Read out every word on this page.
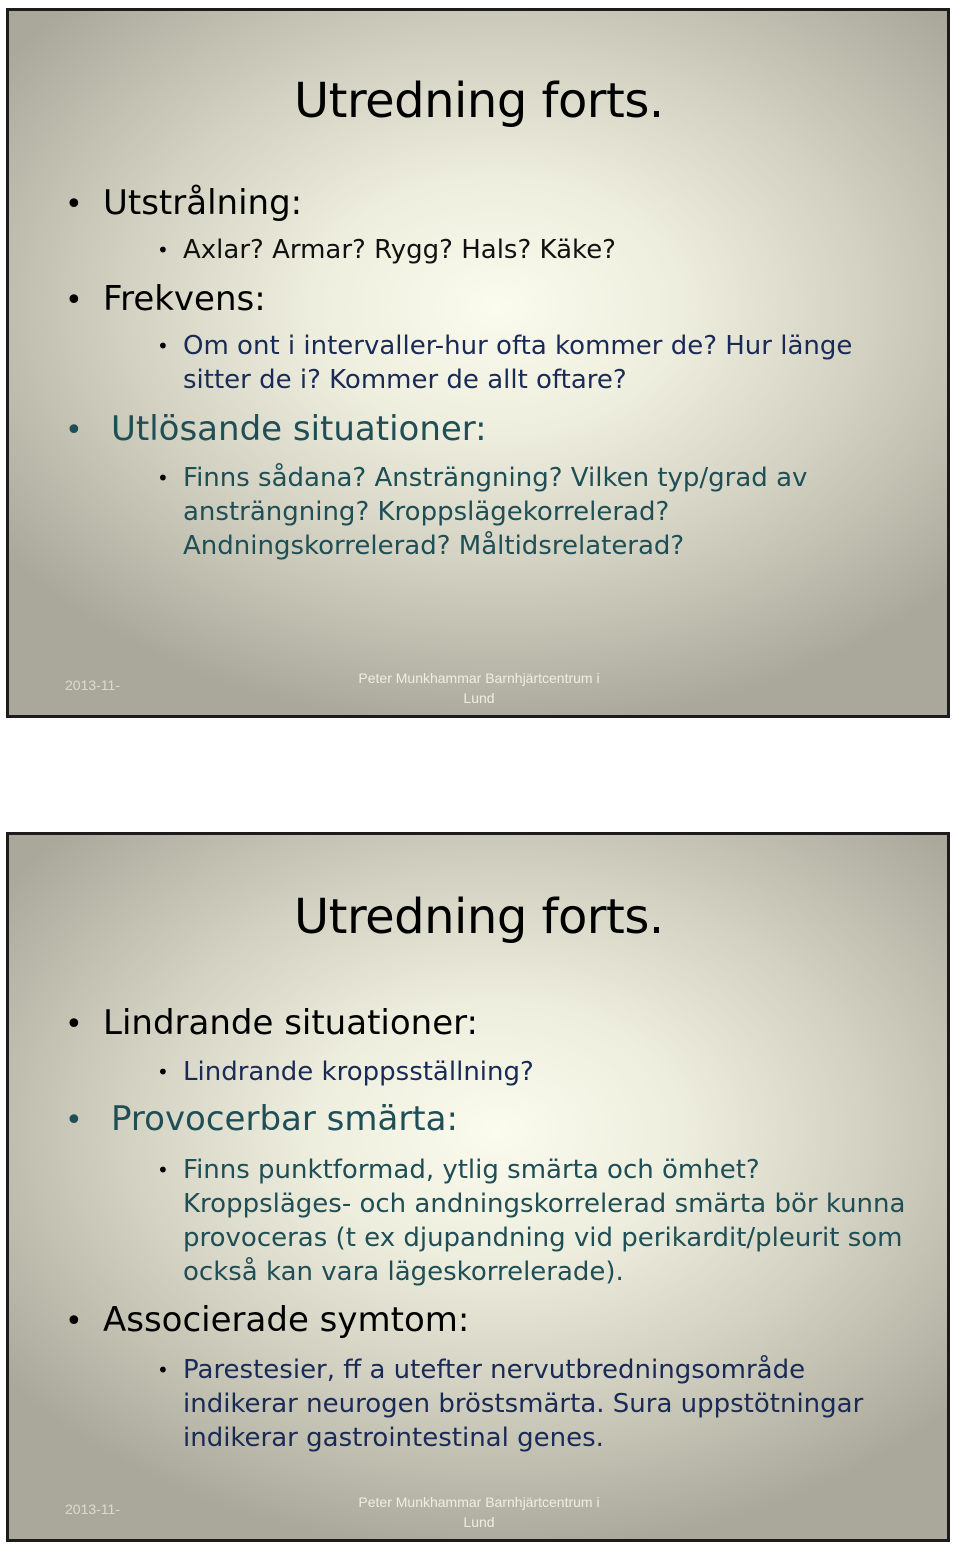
Utredning forts.
• Utstrålning:
• Axlar? Armar? Rygg? Hals? Käke?
• Frekvens:
• Om ont i intervaller-hur ofta kommer de? Hur länge
sitter de i? Kommer de allt oftare?
• Utlösande situationer:
• Finns sådana? Ansträngning? Vilken typ/grad av
ansträngning? Kroppslägekorrelerad?
Andningskorrelerad? Måltidsrelaterad?
2013-11-	Peter Munkhammar Barnhjärtcentrum i
Lund
Utredning forts.
• Lindrande situationer:
• Lindrande kroppsställning?
• Provocerbar smärta:
• Finns punktformad, ytlig smärta och ömhet?
Kroppsläges- och andningskorrelerad smärta bör kunna
provoceras (t ex djupandning vid perikardit/pleurit som
också kan vara lägeskorrelerade).
• Associerade symtom:
• Parestesier, ff a utefter nervutbredningsområde
indikerar neurogen bröstsmärta. Sura uppstötningar
indikerar gastrointestinal genes.
2013-11-	Peter Munkhammar Barnhjärtcentrum i
Lund
